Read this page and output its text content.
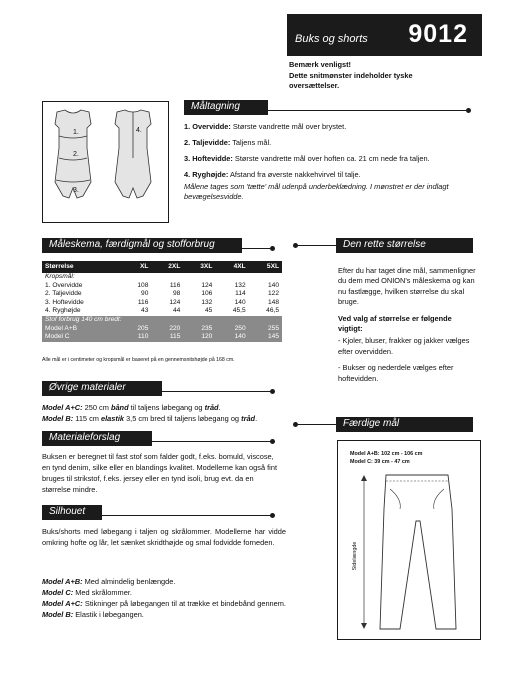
Buks og shorts 9012
Bemærk venligst!
Dette snitmønster indeholder tyske
oversættelser.
Måltagning
1.
2.
3.
4.	1. Overvidde: Største vandrette mål over brystet.
2. Taljevidde: Taljens mål.
3. Hoftevidde: Største vandrette mål over hoften ca. 21 cm nede fra taljen.
4. Ryghøjde: Afstand fra øverste nakkehvirvel til talje.
Målene tages som 'tætte' mål udenpå underbeklædning. I mønstret er der indlagt bevægelsesvidde.
Måleskema, færdigmål og stofforbrug
Størrelse	XL	2XL	3XL	4XL	5XL
Kropsmål:					
1. Overvidde	108	116	124	132	140
2. Taljevidde	90	98	106	114	122
3. Hoftevidde	116	124	132	140	148
4. Ryghøjde	43	44	45	45,5	46,5
Stof forbrug 140 cm bredt:					
Model A+B	205	220	235	250	255
Model C	110	115	120	140	145
Alle mål er i centimeter og kropsmål er baseret på en gennemsnitshøjde på 168 cm.
Øvrige materialer
Model A+C: 250 cm bånd til taljens løbegang og tråd.
Model B: 115 cm elastik 3,5 cm bred til taljens løbegang og tråd.
Materialeforslag
Buksen er beregnet til fast stof som falder godt, f.eks. bomuld, viscose, en tynd denim, silke eller en blandings kvalitet. Modellerne kan også fint bruges til strikstof, f.eks. jersey eller en tynd isoli, brug evt. da en størrelse mindre.
Silhouet
Buks/shorts med løbegang i taljen og skrålommer. Modellerne har vidde omkring hofte og lår, let sænket skridthøjde og smal fodvidde forneden.
Model A+B: Med almindelig benlængde.
Model C: Med skrålommer.
Model A+C: Stikninger på løbegangen til at trække et bindebånd gennem. Model B: Elastik i løbegangen.
Den rette størrelse
Efter du har taget dine mål, sammenligner du dem med ONION's måleskema og kan nu fastlægge, hvilken størrelse du skal bruge.
Ved valg af størrelse er følgende vigtigt:
- Kjoler, bluser, frakker og jakker vælges efter overvidden.
- Bukser og nederdele vælges efter hoftevidden.
Færdige mål
Model A+B: 102 cm - 106 cm
Model C: 39 cm - 47 cm
Sidelængde
